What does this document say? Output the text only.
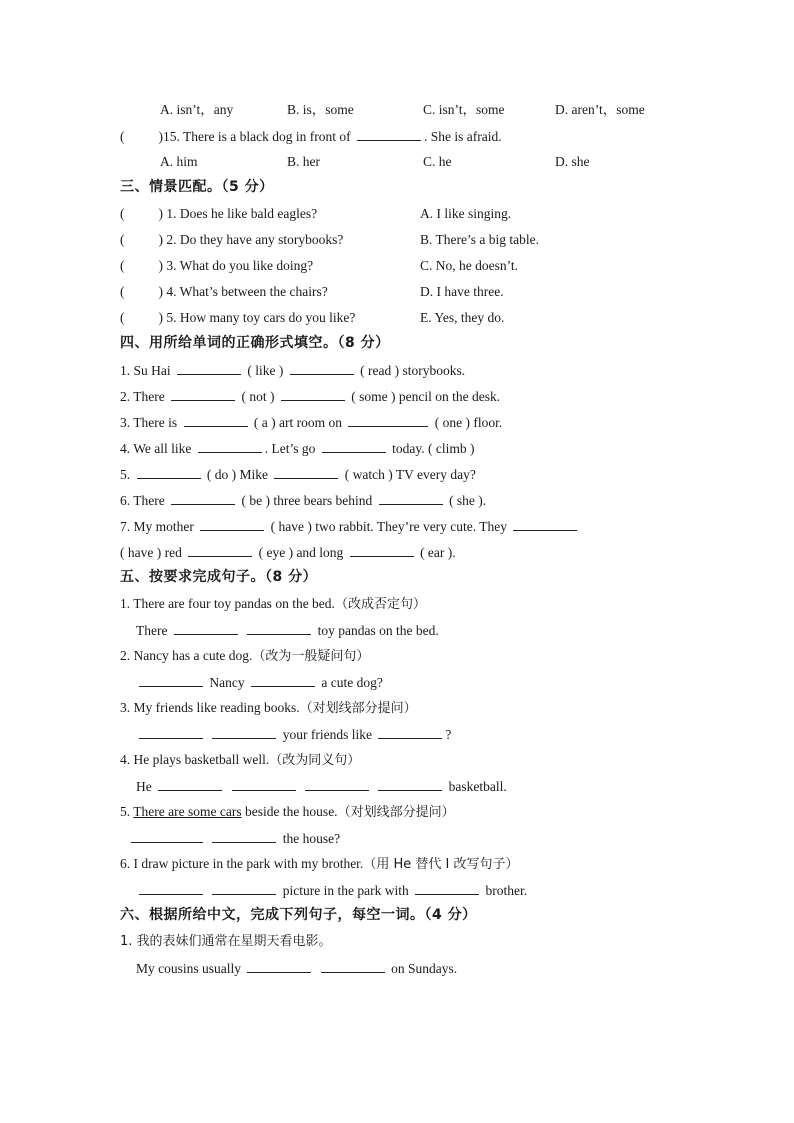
A. isn’t，any	B. is，some	C. isn’t，some	D. aren’t，some
(	)15. There is a black dog in front of	. She is afraid.
A. him	B. her	C. he	D. she
三、情景匹配。（5 分）
(	) 1. Does he like bald eagles?	A. I like singing.
(	) 2. Do they have any storybooks?	B. There’s a big table.
(	) 3. What do you like doing?	C. No, he doesn’t.
(	) 4. What’s between the chairs?	D. I have three.
(	) 5. How many toy cars do you like?	E. Yes, they do.
四、用所给单词的正确形式填空。（8 分）
1. Su Hai	( like )	( read ) storybooks.
2. There	( not )	( some ) pencil on the desk.
3. There is	( a ) art room on	( one ) floor.
4. We all like	. Let’s go	today. ( climb )
5.	( do ) Mike	( watch ) TV every day?
6. There	( be ) three bears behind	( she ).
7. My mother	( have ) two rabbit. They’re very cute. They
( have ) red	( eye ) and long	( ear ).
五、按要求完成句子。（8 分）
1. There are four toy pandas on the bed.（改成否定句）
There	toy pandas on the bed.
2. Nancy has a cute dog.（改为一般疑问句）
Nancy	a cute dog?
3. My friends like reading books.（对划线部分提问）
your friends like	?
4. He plays basketball well.（改为同义句）
He	basketball.
5. There are some cars beside the house.（对划线部分提问）
the house?
6. I draw picture in the park with my brother.（用 He 替代 I 改写句子）
picture in the park with	brother.
六、根据所给中文，完成下列句子，每空一词。（4 分）
1. 我的表妹们通常在星期天看电影。
My cousins usually	on Sundays.
